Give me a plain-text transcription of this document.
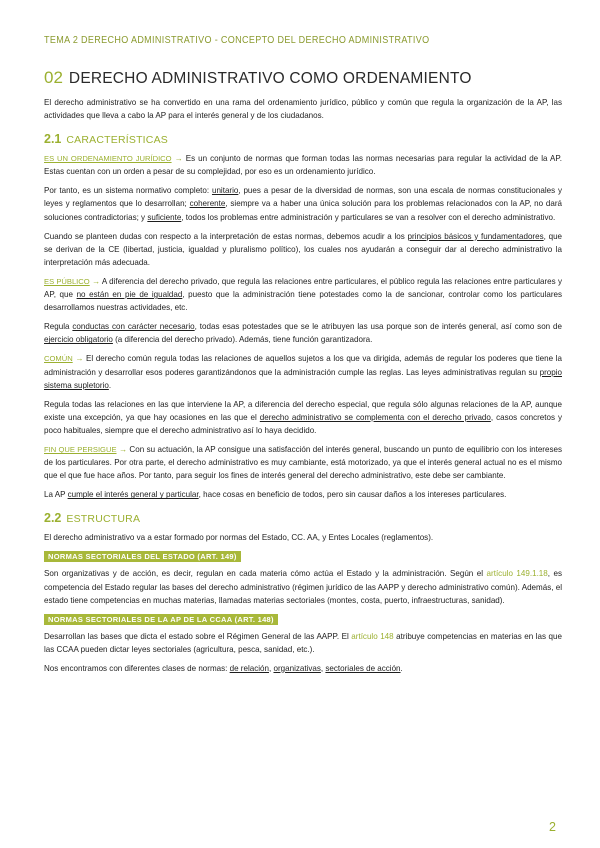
TEMA 2 DERECHO ADMINISTRATIVO - CONCEPTO DEL DERECHO ADMINISTRATIVO
02 DERECHO ADMINISTRATIVO COMO ORDENAMIENTO

El derecho administrativo se ha convertido en una rama del ordenamiento jurídico, público y común que regula la organización de la AP, las actividades que lleva a cabo la AP para el interés general y de los ciudadanos.

2.1 CARACTERÍSTICAS

ES UN ORDENAMIENTO JURÍDICO → Es un conjunto de normas que forman todas las normas necesarias para regular la actividad de la AP. Estas cuentan con un orden a pesar de su complejidad, por eso es un ordenamiento jurídico.

Por tanto, es un sistema normativo completo: unitario, pues a pesar de la diversidad de normas, son una escala de normas constitucionales y leyes y reglamentos que lo desarrollan; coherente, siempre va a haber una única solución para los problemas relacionados con la AP, no dará soluciones contradictorias; y suficiente, todos los problemas entre administración y particulares se van a resolver con el derecho administrativo.

Cuando se planteen dudas con respecto a la interpretación de estas normas, debemos acudir a los principios básicos y fundamentadores, que se derivan de la CE (libertad, justicia, igualdad y pluralismo político), los cuales nos ayudarán a conseguir dar al derecho administrativo la interpretación más adecuada.

ES PÚBLICO → A diferencia del derecho privado, que regula las relaciones entre particulares, el público regula las relaciones entre particulares y AP, que no están en pie de igualdad, puesto que la administración tiene potestades como la de sancionar, controlar como los particulares desarrollamos nuestras actividades, etc.

Regula conductas con carácter necesario, todas esas potestades que se le atribuyen las usa porque son de interés general, así como son de ejercicio obligatorio (a diferencia del derecho privado). Además, tiene función garantizadora.

COMÚN → El derecho común regula todas las relaciones de aquellos sujetos a los que va dirigida, además de regular los poderes que tiene la administración y desarrollar esos poderes garantizándonos que la administración cumple las reglas. Las leyes administrativas regulan su propio sistema supletorio.

Regula todas las relaciones en las que interviene la AP, a diferencia del derecho especial, que regula sólo algunas relaciones de la AP, aunque existe una excepción, ya que hay ocasiones en las que el derecho administrativo se complementa con el derecho privado, casos concretos y poco habituales, siempre que el derecho administrativo así lo haya decidido.

FIN QUE PERSIGUE → Con su actuación, la AP consigue una satisfacción del interés general, buscando un punto de equilibrio con los intereses de los particulares. Por otra parte, el derecho administrativo es muy cambiante, está motorizado, ya que el interés general actual no es el mismo que el que fue hace años. Por tanto, para seguir los fines de interés general del derecho administrativo, este debe ser cambiante.

La AP cumple el interés general y particular, hace cosas en beneficio de todos, pero sin causar daños a los intereses particulares.

2.2 ESTRUCTURA

El derecho administrativo va a estar formado por normas del Estado, CC. AA, y Entes Locales (reglamentos).

NORMAS SECTORIALES DEL ESTADO (ART. 149)

Son organizativas y de acción, es decir, regulan en cada materia cómo actúa el Estado y la administración. Según el artículo 149.1.18, es competencia del Estado regular las bases del derecho administrativo (régimen jurídico de las AAPP y derecho administrativo común). Además, el estado tiene competencias en muchas materias, llamadas materias sectoriales (montes, costa, puerto, infraestructuras, sanidad).

NORMAS SECTORIALES DE LA AP DE LA CCAA (ART. 148)

Desarrollan las bases que dicta el estado sobre el Régimen General de las AAPP. El artículo 148 atribuye competencias en materias en las que las CCAA pueden dictar leyes sectoriales (agricultura, pesca, sanidad, etc.).

Nos encontramos con diferentes clases de normas: de relación, organizativas, sectoriales de acción.

2
